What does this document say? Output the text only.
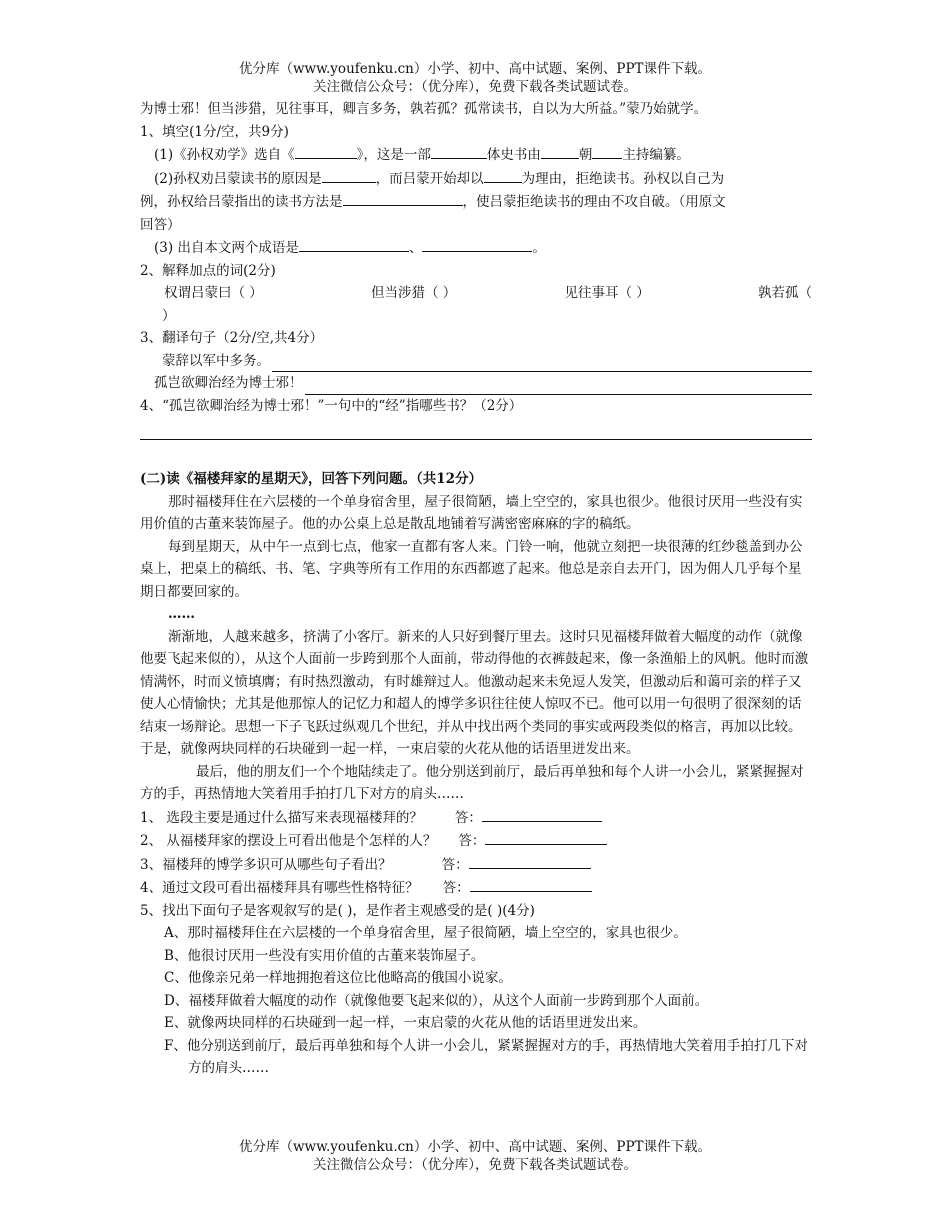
优分库（www.youfenku.cn）小学、初中、高中试题、案例、PPT课件下载。
关注微信公众号：（优分库），免费下载各类试题试卷。

为博士邪！但当涉猎，见往事耳，卿言多务，孰若孤？孤常读书，自以为大所益。”蒙乃始就学。

1、填空(1分/空，共9分)

(1)《孙权劝学》选自《	》，这是一部	体史书由	朝 主持编纂。

(2)孙权劝吕蒙读书的原因是	，而吕蒙开始却以	为理由，拒绝读书。孙权以自己为

例，孙权给吕蒙指出的读书方法是	，使吕蒙拒绝读书的理由不攻自破。（用原文

回答）

(3) 出自本文两个成语是	、	。

2、解释加点的词(2分)

权谓吕蒙曰（ ）	但当涉猎（ ）	见往事耳（ ）	孰若孤（

）

3、翻译句子（2分/空,共4分）

蒙辞以军中多务。
孤岂欲卿治经为博士邪！

4、“孤岂欲卿治经为博士邪！”一句中的“经”指哪些书？（2分）

(二)读《福楼拜家的星期天》，回答下列问题。（共12分）

那时福楼拜住在六层楼的一个单身宿舍里，屋子很简陋，墙上空空的，家具也很少。他很讨厌用一些没有实用价值的古董来装饰屋子。他的办公桌上总是散乱地铺着写满密密麻麻的字的稿纸。

每到星期天，从中午一点到七点，他家一直都有客人来。门铃一响，他就立刻把一块很薄的红纱毯盖到办公桌上，把桌上的稿纸、书、笔、字典等所有工作用的东西都遮了起来。他总是亲自去开门，因为佣人几乎每个星期日都要回家的。

……

渐渐地，人越来越多，挤满了小客厅。新来的人只好到餐厅里去。这时只见福楼拜做着大幅度的动作（就像他要飞起来似的），从这个人面前一步跨到那个人面前，带动得他的衣裤鼓起来，像一条渔船上的风帆。他时而激情满怀，时而义愤填膺；有时热烈激动，有时雄辩过人。他激动起来未免逗人发笑，但激动后和蔼可亲的样子又使人心情愉快；尤其是他那惊人的记忆力和超人的博学多识往往使人惊叹不已。他可以用一句很明了很深刻的话结束一场辩论。思想一下子飞跃过纵观几个世纪，并从中找出两个类同的事实或两段类似的格言，再加以比较。于是，就像两块同样的石块碰到一起一样，一束启蒙的火花从他的话语里迸发出来。

最后，他的朋友们一个个地陆续走了。他分别送到前厅，最后再单独和每个人讲一小会儿，紧紧握握对方的手，再热情地大笑着用手拍打几下对方的肩头……

1、 选段主要是通过什么描写来表现福楼拜的？ 答：

2、 从福楼拜家的摆设上可看出他是个怎样的人？ 答：

3、福楼拜的博学多识可从哪些句子看出？	答：

4、通过文段可看出福楼拜具有哪些性格特征？ 答：

5、找出下面句子是客观叙写的是( )，是作者主观感受的是( )(4分)

A、那时福楼拜住在六层楼的一个单身宿舍里，屋子很简陋，墙上空空的，家具也很少。

B、他很讨厌用一些没有实用价值的古董来装饰屋子。

C、他像亲兄弟一样地拥抱着这位比他略高的俄国小说家。

D、福楼拜做着大幅度的动作（就像他要飞起来似的），从这个人面前一步跨到那个人面前。

E、就像两块同样的石块碰到一起一样，一束启蒙的火花从他的话语里迸发出来。

F、他分别送到前厅，最后再单独和每个人讲一小会儿，紧紧握握对方的手，再热情地大笑着用手拍打几下对方的肩头……

优分库（www.youfenku.cn）小学、初中、高中试题、案例、PPT课件下载。
关注微信公众号：（优分库），免费下载各类试题试卷。
